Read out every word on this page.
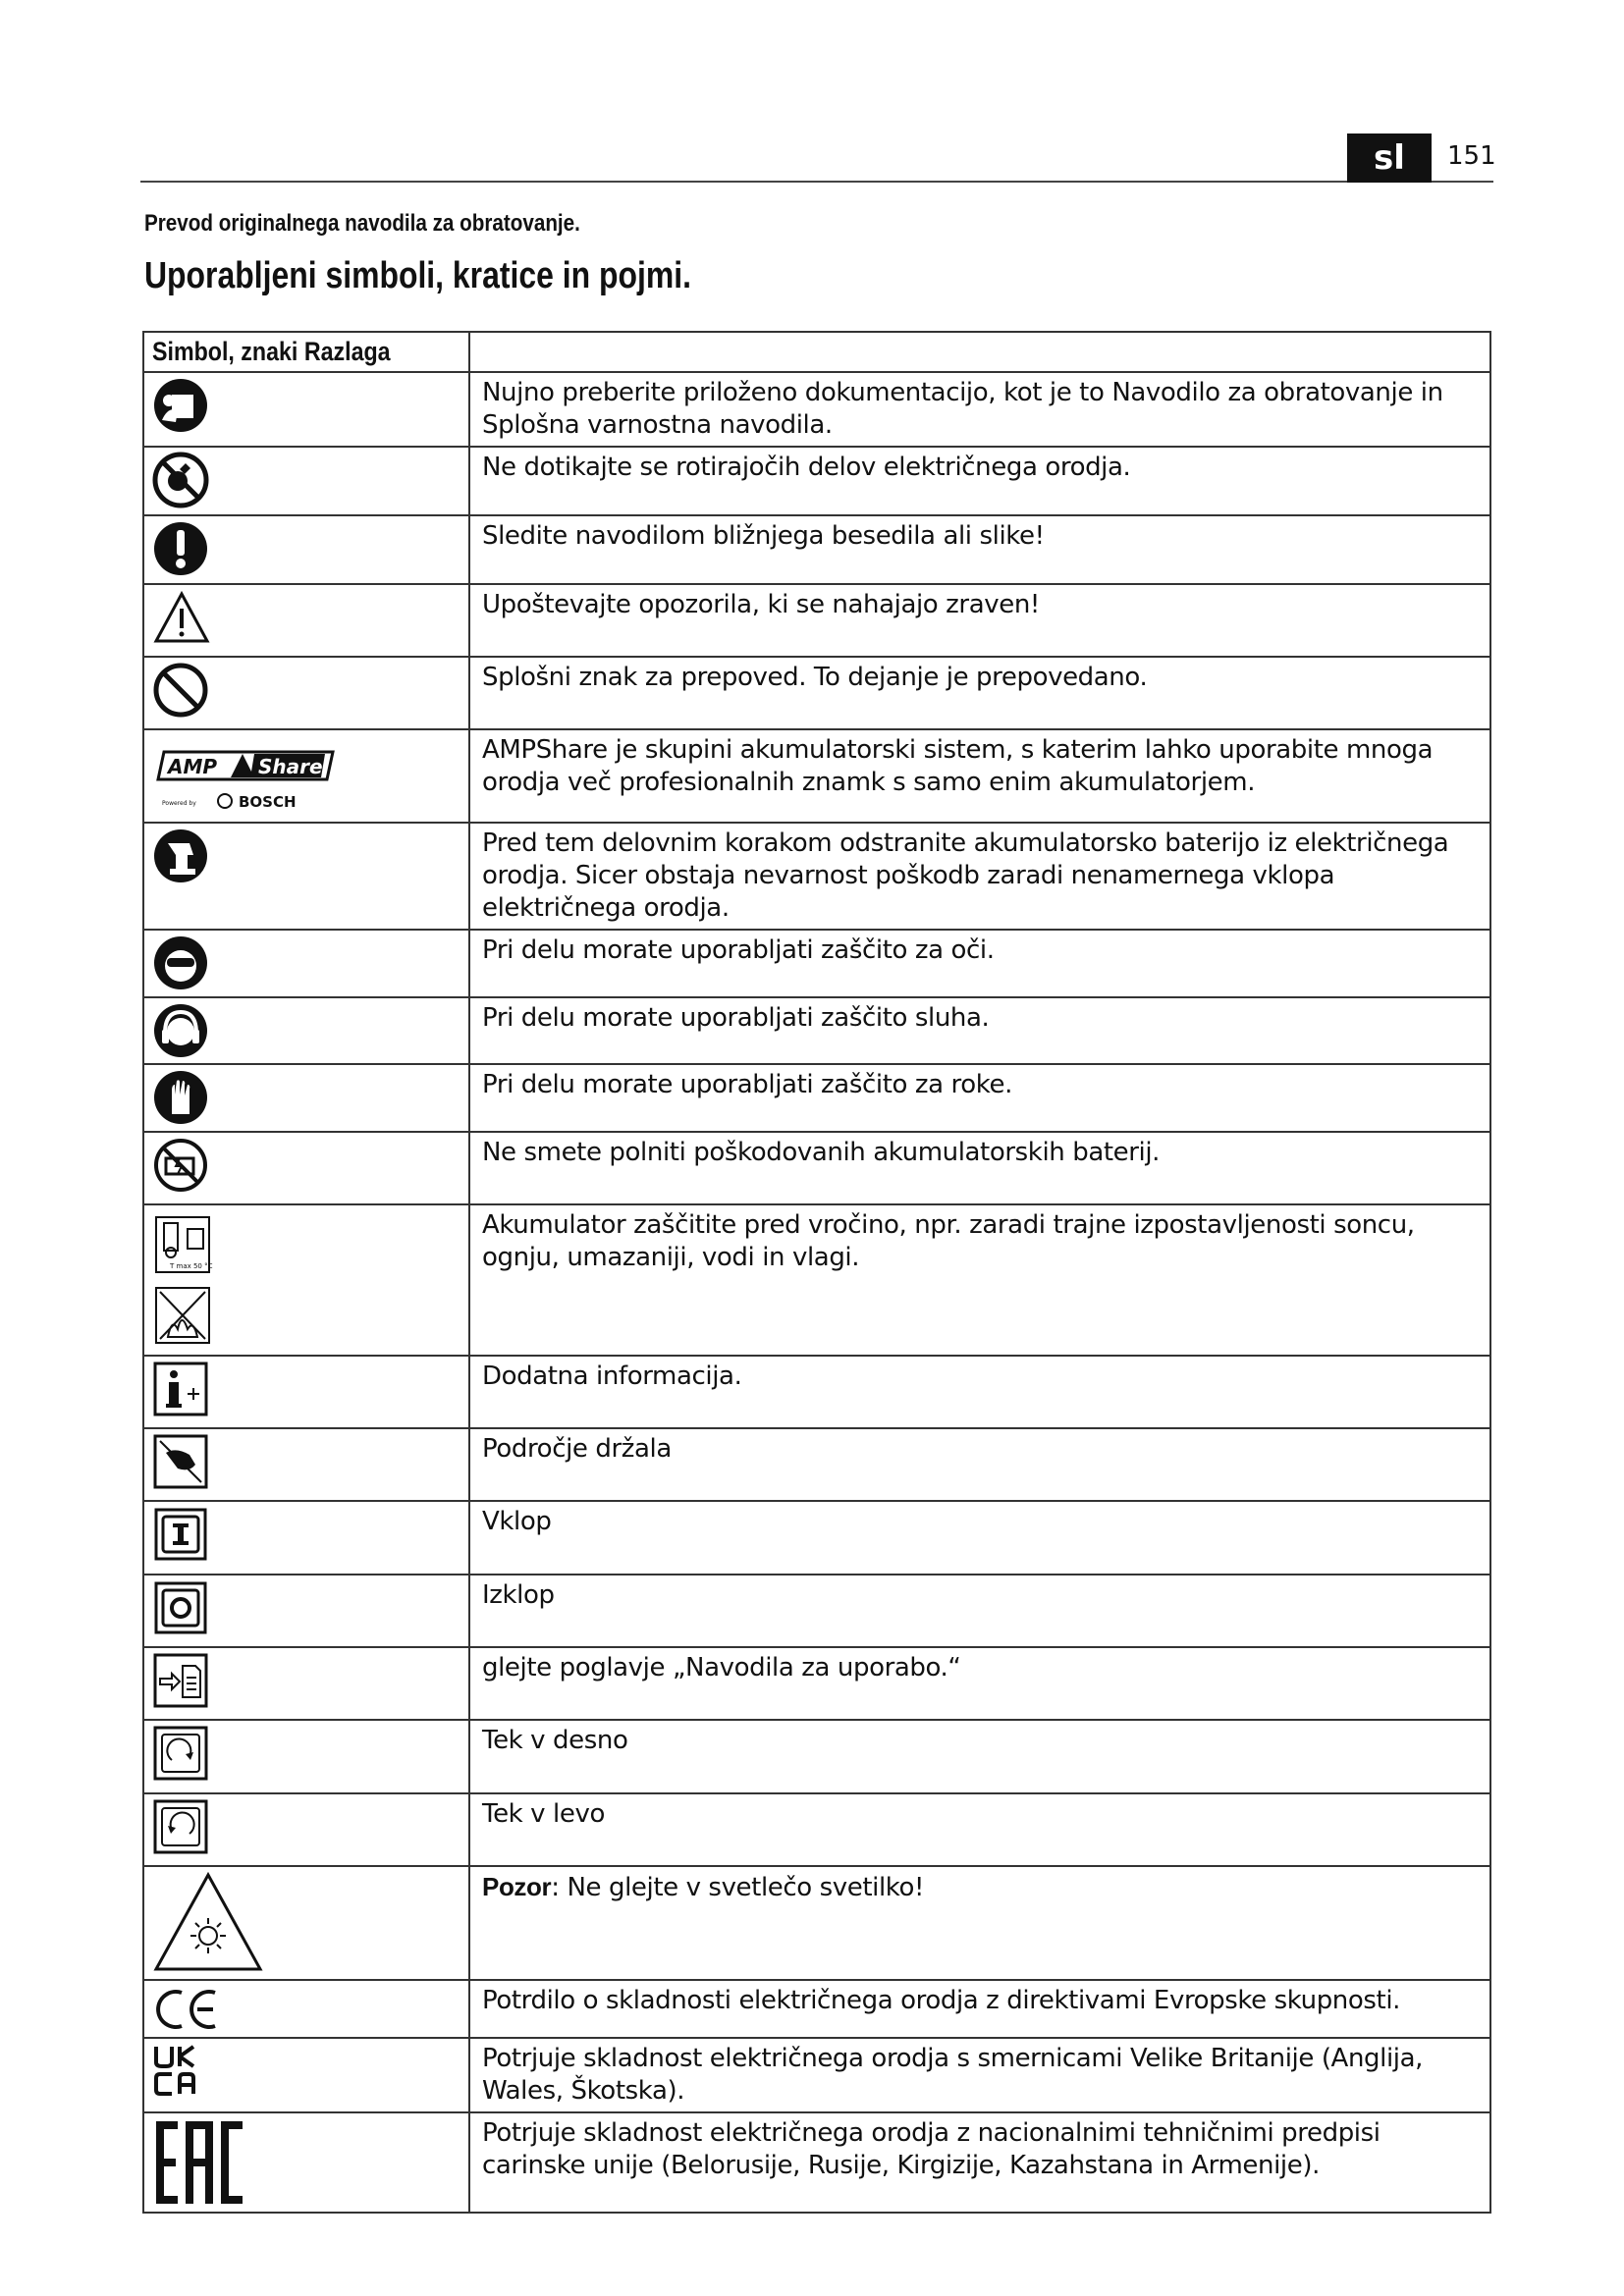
sl	151
Prevod originalnega navodila za obratovanje.
Uporabljeni simboli, kratice in pojmi.
Simbol, znaki Razlaga	

	Nujno preberite priloženo dokumentacijo, kot je to Navodilo za obratovanje in Splošna varnostna navodila.

	Ne dotikajte se rotirajočih delov električnega orodja.

	Sledite navodilom bližnjega besedila ali slike!

	Upoštevajte opozorila, ki se nahajajo zraven!

	Splošni znak za prepoved. To dejanje je prepovedano.

AMP Share
Powered by BOSCH	AMPShare je skupini akumulatorski sistem, s katerim lahko uporabite mnoga orodja več profesionalnih znamk s samo enim akumulatorjem.

	Pred tem delovnim korakom odstranite akumulatorsko baterijo iz električnega orodja. Sicer obstaja nevarnost poškodb zaradi nenamernega vklopa električnega orodja.

	Pri delu morate uporabljati zaščito za oči.

	Pri delu morate uporabljati zaščito sluha.

	Pri delu morate uporabljati zaščito za roke.

	Ne smete polniti poškodovanih akumulatorskih baterij.

T max 50 °C	Akumulator zaščitite pred vročino, npr. zaradi trajne izpostavljenosti soncu, ognju, umazaniji, vodi in vlagi.

	Dodatna informacija.

	Področje držala

	Vklop

	Izklop

	glejte poglavje „Navodila za uporabo.“

	Tek v desno

	Tek v levo

	Pozor: Ne glejte v svetlečo svetilko!

	Potrdilo o skladnosti električnega orodja z direktivami Evropske skupnosti.

	Potrjuje skladnost električnega orodja s smernicami Velike Britanije (Anglija, Wales, Škotska).

	Potrjuje skladnost električnega orodja z nacionalnimi tehničnimi predpisi carinske unije (Belorusije, Rusije, Kirgizije, Kazahstana in Armenije).
